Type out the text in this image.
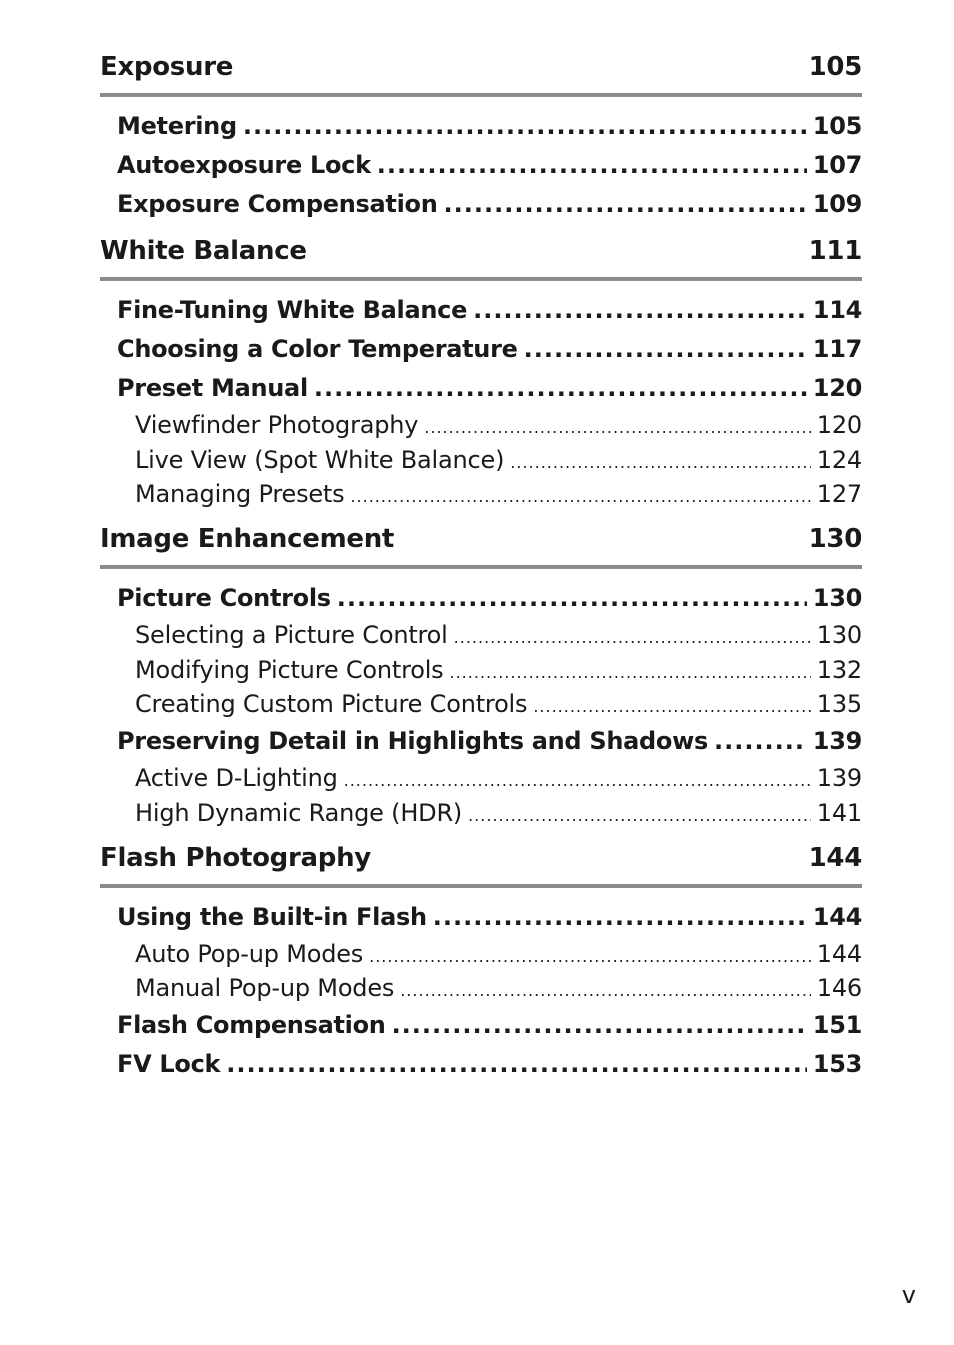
Exposure	105
Metering .....	105
Autoexposure Lock .....	107
Exposure Compensation .....	109
White Balance	111
Fine-Tuning White Balance .....	114
Choosing a Color Temperature .....	117
Preset Manual .....	120
Viewfinder Photography .....	120
Live View (Spot White Balance) .....	124
Managing Presets .....	127
Image Enhancement	130
Picture Controls .....	130
Selecting a Picture Control .....	130
Modifying Picture Controls .....	132
Creating Custom Picture Controls .....	135
Preserving Detail in Highlights and Shadows .....	139
Active D-Lighting .....	139
High Dynamic Range (HDR) .....	141
Flash Photography	144
Using the Built-in Flash .....	144
Auto Pop-up Modes .....	144
Manual Pop-up Modes .....	146
Flash Compensation .....	151
FV Lock .....	153
v
